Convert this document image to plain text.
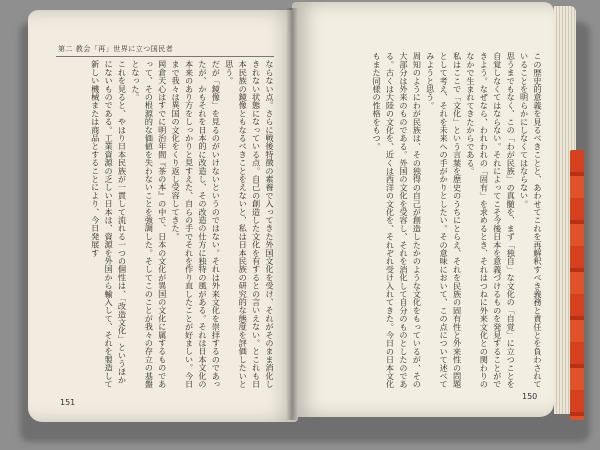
第二 教会「再」世界に立つ国民者
ならない点。さらに戦後特徴の素養で入ってきた外国文化を受け、それがそのまま消化しきれない状態になっている点。自己の創造した文化を有するとの言いえない。とこれも日本民族の鏡像ともなるべきことをえないと、私は日本民族の研究的な態度を評価したいと思う。
だが「鏡像」を見るのがいけないというのではない。それは外来文化を崇拝するのであったが、かもそれを日本的に改造し、その改造の仕方に独特の風がある。それは日本文化の本来のあり方をしっかりと見すえた、自らの手でそれを作り直したことが好ましい。今日まで我々は異国の文化をくり返し受容してきた。
岡倉天心はすでに明治年間『茶の本』の中で、日本の文化が異国の文化に属するものであって、その根源的な価値を失わないことを強調した。そしてこのことが我々の存立の基盤となった。
これを見ると、やはり日本民族が一貫して流れる一つの個性は、「改造文化」というほかにないものである。工業資源の乏しい日本は、資源を外国から輸入して、それを製造して新しい機械または商品とすることにより、今日発展す	この歴史的意義を見るべきことと、あわせてこれを再解釈すべき義務と責任とを負わされていることを明らかにしなくてはならない。
思うまでもなく、この「わが民族」の真髄を、まず「独自」な文化の「自覚」に立つことを自覚しなくてはならない。それによってこそ今後日本を意義づけるものを発見することができよう。なぜなら、われわれの「固有」を求めるとき、それはつねに外来文化との関わりのなかで生まれてきたからである。
私はここで「文化」という言葉を歴史のうちにとらえ、それを民族の固有性と外来性の問題として考え、それを未来への手がかりとしたい。その意味において、この点について述べてみようと思う。
周知のようにわが民族は、その独得の自己が創造したかのような文化をもっているが、その大部分は外来のものである。外国の文化を受容し、それを消化して自分のものとしたのである。古くは大陸の文化を、近くは西洋の文化を、それぞれ受け入れてきた。今日の日本文化もまた同様の性格をもつ。
151
150
